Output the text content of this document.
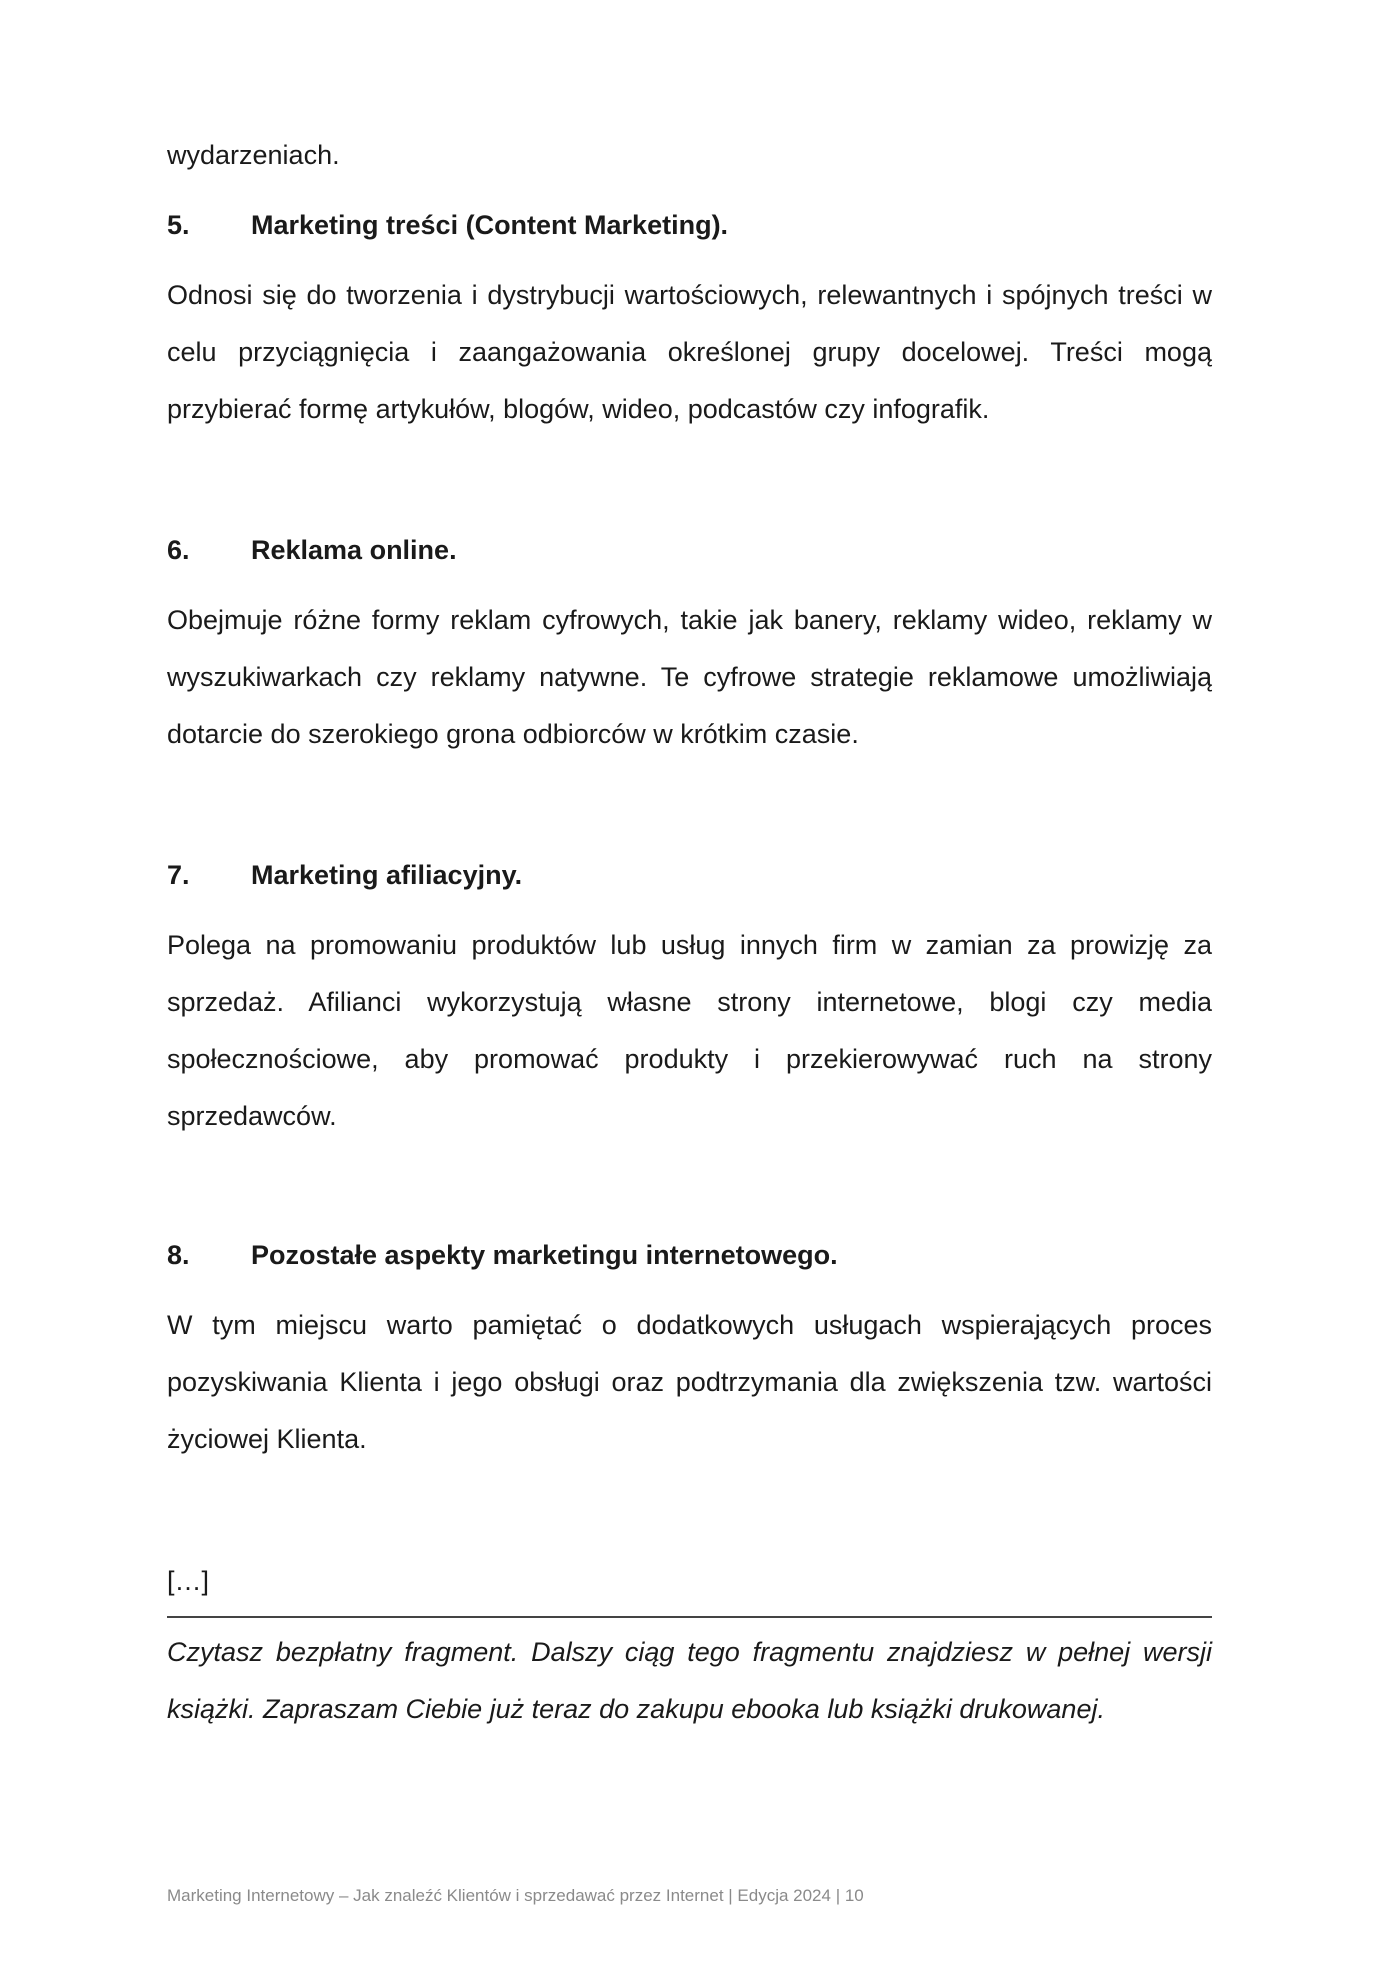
wydarzeniach.

5.	Marketing treści (Content Marketing).

Odnosi się do tworzenia i dystrybucji wartościowych, relewantnych i spójnych treści w celu przyciągnięcia i zaangażowania określonej grupy docelowej. Treści mogą przybierać formę artykułów, blogów, wideo, podcastów czy infografik.

6.	Reklama online.

Obejmuje różne formy reklam cyfrowych, takie jak banery, reklamy wideo, reklamy w wyszukiwarkach czy reklamy natywne. Te cyfrowe strategie reklamowe umożliwiają dotarcie do szerokiego grona odbiorców w krótkim czasie.

7.	Marketing afiliacyjny.

Polega na promowaniu produktów lub usług innych firm w zamian za prowizję za sprzedaż. Afilianci wykorzystują własne strony internetowe, blogi czy media społecznościowe, aby promować produkty i przekierowywać ruch na strony sprzedawców.

8.	Pozostałe aspekty marketingu internetowego.

W tym miejscu warto pamiętać o dodatkowych usługach wspierających proces pozyskiwania Klienta i jego obsługi oraz podtrzymania dla zwiększenia tzw. wartości życiowej Klienta.

[…]

Czytasz bezpłatny fragment. Dalszy ciąg tego fragmentu znajdziesz w pełnej wersji książki. Zapraszam Ciebie już teraz do zakupu ebooka lub książki drukowanej.

Marketing Internetowy – Jak znaleźć Klientów i sprzedawać przez Internet | Edycja 2024 | 10
